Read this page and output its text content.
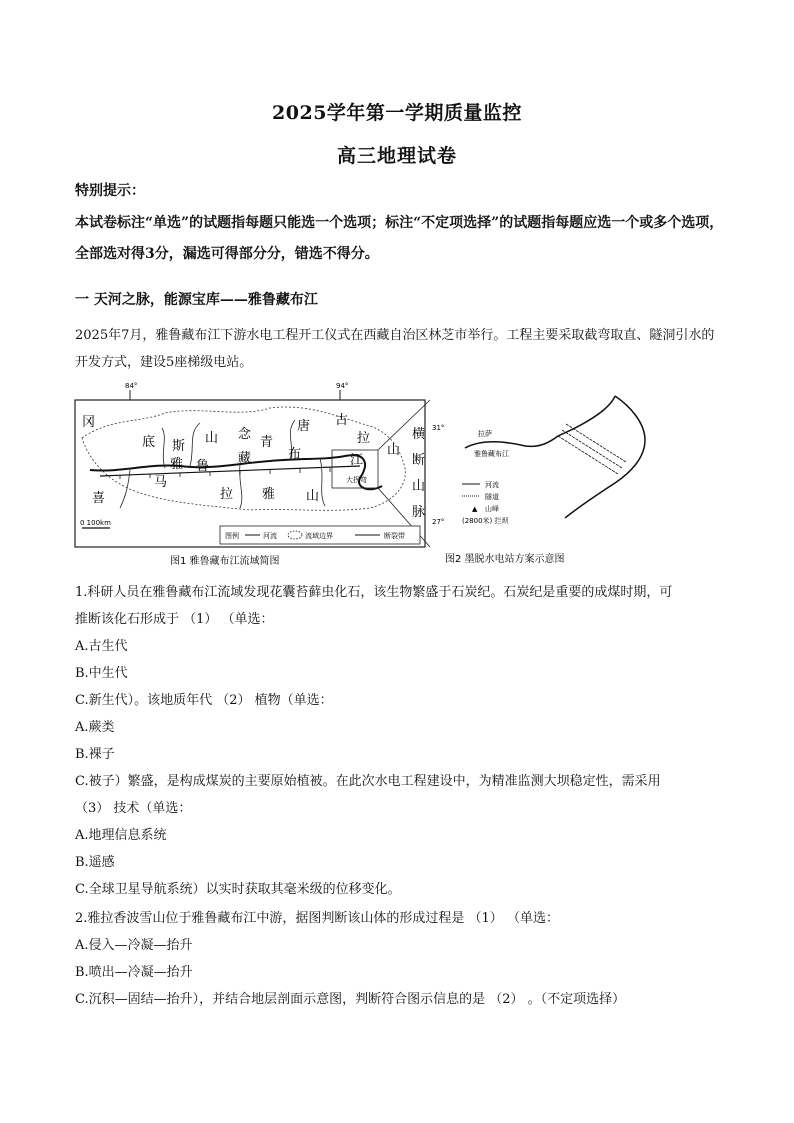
2025学年第一学期质量监控
高三地理试卷
特别提示：
本试卷标注“单选”的试题指每题只能选一个选项；标注“不定项选择”的试题指每题应选一个或多个选项，全部选对得3分，漏选可得部分分，错选不得分。
一 天河之脉，能源宝库——雅鲁藏布江
2025年7月，雅鲁藏布江下游水电工程开工仪式在西藏自治区林芝市举行。工程主要采取截弯取直、隧洞引水的开发方式，建设5座梯级电站。
84°	94°
31°
27°
冈
底 斯
山 念
青
唐 古
拉
山
横
断
山
脉
喜
马
拉 雅 山
鲁
藏	布	江
雅
大拐弯
0 100km
图例	河流	流域边界	断裂带
图1 雅鲁藏布江流域简图
拉萨
雅鲁藏布江
河流
隧道
▲ 山峰
(2800米) 拦坝
图2 墨脱水电站方案示意图
1.科研人员在雅鲁藏布江流域发现花囊苔藓虫化石，该生物繁盛于石炭纪。石炭纪是重要的成煤时期，可
推断该化石形成于 （1） （单选：
A.古生代
B.中生代
C.新生代）。该地质年代 （2） 植物（单选：
A.蕨类
B.裸子
C.被子）繁盛，是构成煤炭的主要原始植被。在此次水电工程建设中，为精准监测大坝稳定性，需采用
（3） 技术（单选：
A.地理信息系统
B.遥感
C.全球卫星导航系统）以实时获取其毫米级的位移变化。
2.雅拉香波雪山位于雅鲁藏布江中游，据图判断该山体的形成过程是 （1） （单选：
A.侵入—冷凝—抬升
B.喷出—冷凝—抬升
C.沉积—固结—抬升），并结合地层剖面示意图，判断符合图示信息的是 （2） 。（不定项选择）
